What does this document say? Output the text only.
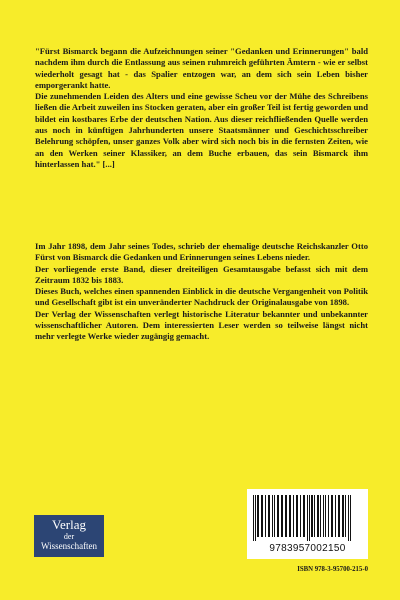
"Fürst Bismarck begann die Aufzeichnungen seiner "Gedanken und Erinnerungen" bald nachdem ihm durch die Entlassung aus seinen ruhmreich geführten Ämtern - wie er selbst wiederholt gesagt hat - das Spalier entzogen war, an dem sich sein Leben bisher emporgerankt hatte.

Die zunehmenden Leiden des Alters und eine gewisse Scheu vor der Mühe des Schreibens ließen die Arbeit zuweilen ins Stocken geraten, aber ein großer Teil ist fertig geworden und bildet ein kostbares Erbe der deutschen Nation. Aus dieser reichfließenden Quelle werden aus noch in künftigen Jahrhunderten unsere Staatsmänner und Geschichtsschreiber Belehrung schöpfen, unser ganzes Volk aber wird sich noch bis in die fernsten Zeiten, wie an den Werken seiner Klassiker, an dem Buche erbauen, das sein Bismarck ihm hinterlassen hat." [...]

Im Jahr 1898, dem Jahr seines Todes, schrieb der ehemalige deutsche Reichskanzler Otto Fürst von Bismarck die Gedanken und Erinnerungen seines Lebens nieder.

Der vorliegende erste Band, dieser dreiteiligen Gesamtausgabe befasst sich mit dem Zeitraum 1832 bis 1883.

Dieses Buch, welches einen spannenden Einblick in die deutsche Vergangenheit von Politik und Gesellschaft gibt ist ein unveränderter Nachdruck der Originalausgabe von 1898.

Der Verlag der Wissenschaften verlegt historische Literatur bekannter und unbekannter wissenschaftlicher Autoren. Dem interessierten Leser werden so teilweise längst nicht mehr verlegte Werke wieder zugängig gemacht.

Verlag
der
Wissenschaften	9783957002150
ISBN 978-3-95700-215-0
